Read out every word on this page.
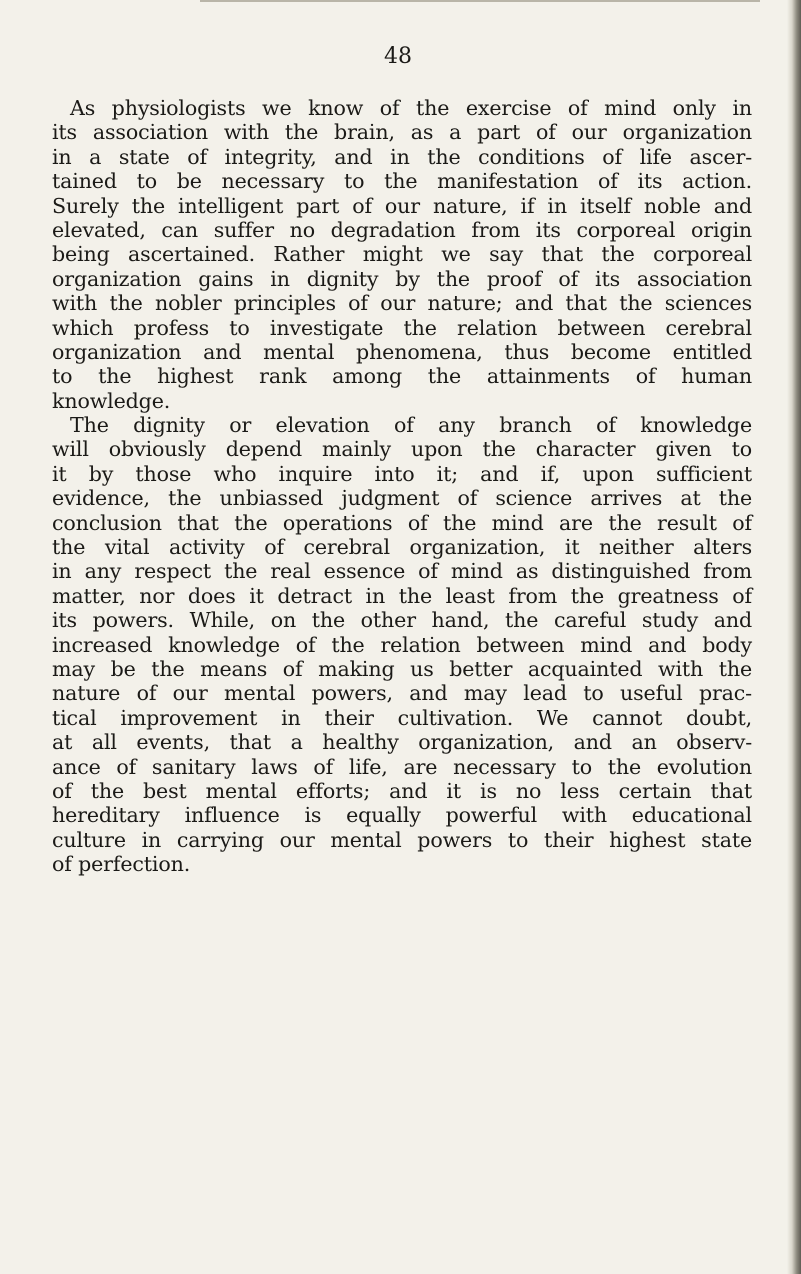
48
As physiologists we know of the exercise of mind only in
its association with the brain, as a part of our organization
in a state of integrity, and in the conditions of life ascer-
tained to be necessary to the manifestation of its action.
Surely the intelligent part of our nature, if in itself noble and
elevated, can suffer no degradation from its corporeal origin
being ascertained. Rather might we say that the corporeal
organization gains in dignity by the proof of its association
with the nobler principles of our nature; and that the sciences
which profess to investigate the relation between cerebral
organization and mental phenomena, thus become entitled
to the highest rank among the attainments of human
knowledge.
The dignity or elevation of any branch of knowledge
will obviously depend mainly upon the character given to
it by those who inquire into it; and if, upon sufficient
evidence, the unbiassed judgment of science arrives at the
conclusion that the operations of the mind are the result of
the vital activity of cerebral organization, it neither alters
in any respect the real essence of mind as distinguished from
matter, nor does it detract in the least from the greatness of
its powers. While, on the other hand, the careful study and
increased knowledge of the relation between mind and body
may be the means of making us better acquainted with the
nature of our mental powers, and may lead to useful prac-
tical improvement in their cultivation. We cannot doubt,
at all events, that a healthy organization, and an observ-
ance of sanitary laws of life, are necessary to the evolution
of the best mental efforts; and it is no less certain that
hereditary influence is equally powerful with educational
culture in carrying our mental powers to their highest state
of perfection.
